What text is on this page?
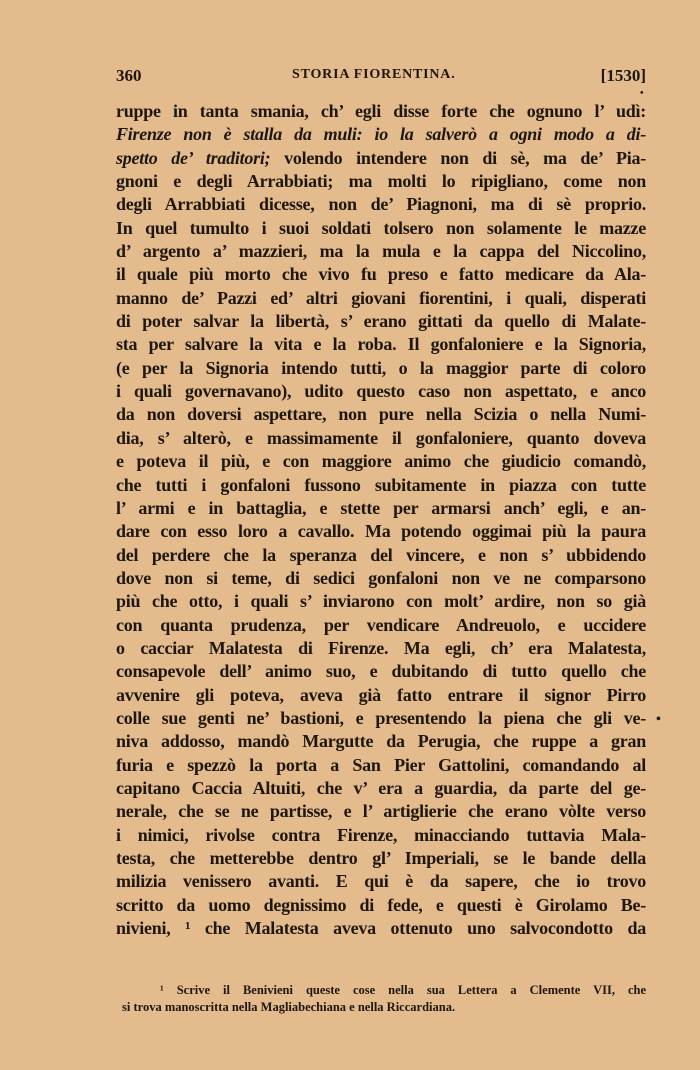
360	STORIA FIORENTINA.	[1530]
ruppe in tanta smania, ch’ egli disse forte che ognuno l’ udì:
Firenze non è stalla da muli: io la salverò a ogni modo a di-
spetto de’ traditori; volendo intendere non di sè, ma de’ Pia-
gnoni e degli Arrabbiati; ma molti lo ripigliano, come non
degli Arrabbiati dicesse, non de’ Piagnoni, ma di sè proprio.
In quel tumulto i suoi soldati tolsero non solamente le mazze
d’ argento a’ mazzieri, ma la mula e la cappa del Niccolino,
il quale più morto che vivo fu preso e fatto medicare da Ala-
manno de’ Pazzi ed’ altri giovani fiorentini, i quali, disperati
di poter salvar la libertà, s’ erano gittati da quello di Malate-
sta per salvare la vita e la roba. Il gonfaloniere e la Signoria,
(e per la Signoria intendo tutti, o la maggior parte di coloro
i quali governavano), udito questo caso non aspettato, e anco
da non doversi aspettare, non pure nella Scizia o nella Numi-
dia, s’ alterò, e massimamente il gonfaloniere, quanto doveva
e poteva il più, e con maggiore animo che giudicio comandò,
che tutti i gonfaloni fussono subitamente in piazza con tutte
l’ armi e in battaglia, e stette per armarsi anch’ egli, e an-
dare con esso loro a cavallo. Ma potendo oggimai più la paura
del perdere che la speranza del vincere, e non s’ ubbidendo
dove non si teme, di sedici gonfaloni non ve ne comparsono
più che otto, i quali s’ inviarono con molt’ ardire, non so già
con quanta prudenza, per vendicare Andreuolo, e uccidere
o cacciar Malatesta di Firenze. Ma egli, ch’ era Malatesta,
consapevole dell’ animo suo, e dubitando di tutto quello che
avvenire gli poteva, aveva già fatto entrare il signor Pirro
colle sue genti ne’ bastioni, e presentendo la piena che gli ve-
niva addosso, mandò Margutte da Perugia, che ruppe a gran
furia e spezzò la porta a San Pier Gattolini, comandando al
capitano Caccia Altuiti, che v’ era a guardia, da parte del ge-
nerale, che se ne partisse, e l’ artiglierie che erano vòlte verso
i nimici, rivolse contra Firenze, minacciando tuttavia Mala-
testa, che metterebbe dentro gl’ Imperiali, se le bande della
milizia venissero avanti. E qui è da sapere, che io trovo
scritto da uomo degnissimo di fede, e questi è Girolamo Be-
nivieni, ¹ che Malatesta aveva ottenuto uno salvocondotto da
•
•
¹ Scrive il Benivieni queste cose nella sua Lettera a Clemente VII, che
si trova manoscritta nella Magliabechiana e nella Riccardiana.
